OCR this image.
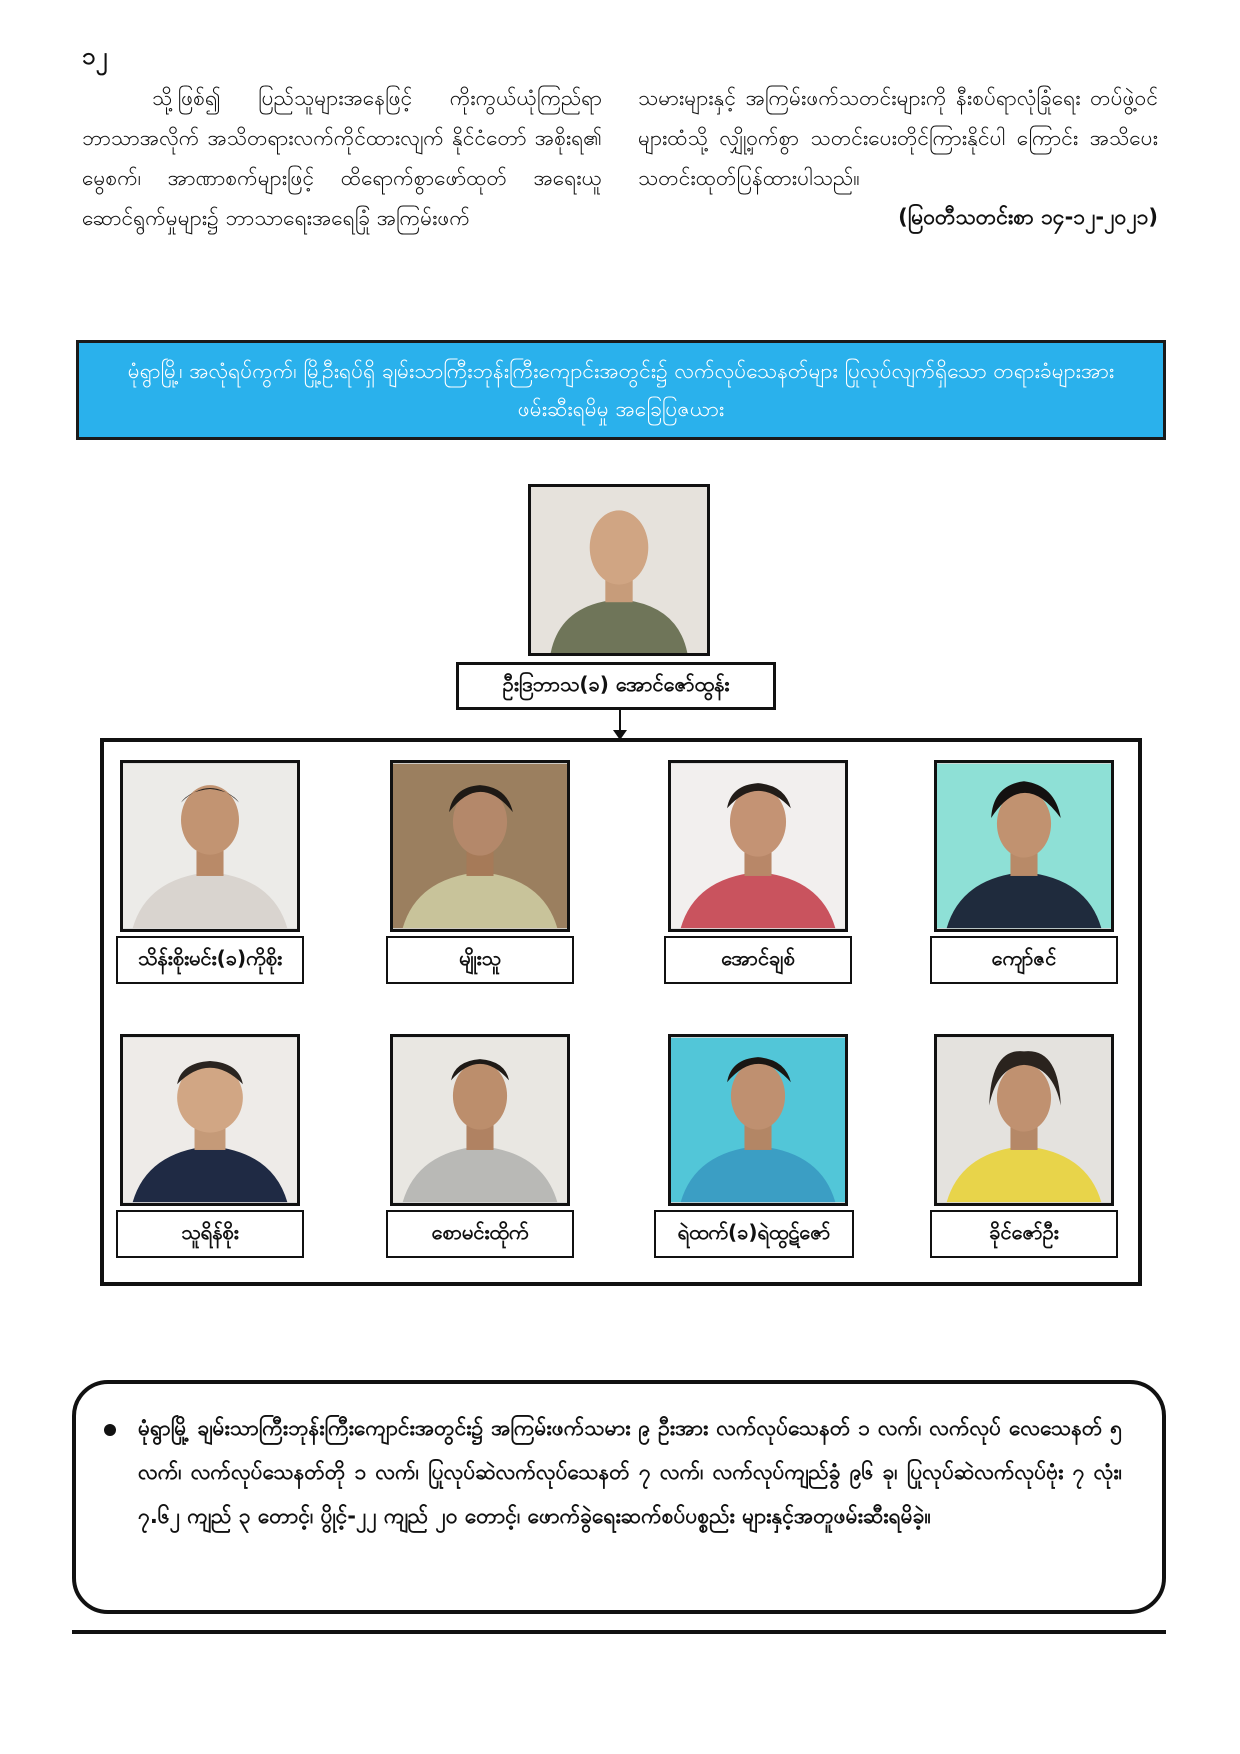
၁၂

သို့ဖြစ်၍ ပြည်သူများအနေဖြင့် ကိုးကွယ်ယုံကြည်ရာ ဘာသာအလိုက် အသိတရားလက်ကိုင်ထားလျက် နိုင်ငံတော် အစိုးရ၏ မွေစက်၊ အာဏာစက်များဖြင့် ထိရောက်စွာဖော်ထုတ် အရေးယူဆောင်ရွက်မှုများ၌ ဘာသာရေးအရေခြုံ အကြမ်းဖက်

သမားများနှင့် အကြမ်းဖက်သတင်းများကို နီးစပ်ရာလုံခြုံရေး တပ်ဖွဲ့ဝင်များထံသို့ လျှို့ဝှက်စွာ သတင်းပေးတိုင်ကြားနိုင်ပါ ကြောင်း အသိပေးသတင်းထုတ်ပြန်ထားပါသည်။

(မြဝတီသတင်းစာ ၁၄-၁၂-၂၀၂၁)
မုံရွာမြို့၊ အလုံရပ်ကွက်၊ မြို့ဦးရပ်ရှိ ချမ်းသာကြီးဘုန်းကြီးကျောင်းအတွင်း၌ လက်လုပ်သေနတ်များ ပြုလုပ်လျက်ရှိသော တရားခံများအား ဖမ်းဆီးရမိမှု အခြေပြဇယား
ဦးဒြဘာသ(ခ) အောင်ဇော်ထွန်း
သိန်းစိုးမင်း(ခ)ကိုစိုး	မျိုးသူ	အောင်ချစ်	ကျော်ဇင်
သူရိန်စိုး	စောမင်းထိုက်	ရဲထက်(ခ)ရဲထွဋ်ဇော်	ခိုင်ဇော်ဦး
မုံရွာမြို့ ချမ်းသာကြီးဘုန်းကြီးကျောင်းအတွင်း၌ အကြမ်းဖက်သမား ၉ ဦးအား လက်လုပ်သေနတ် ၁ လက်၊ လက်လုပ် လေသေနတ် ၅ လက်၊ လက်လုပ်သေနတ်တို ၁ လက်၊ ပြုလုပ်ဆဲလက်လုပ်သေနတ် ၇ လက်၊ လက်လုပ်ကျည်ခွံ ၉၆ ခု၊ ပြုလုပ်ဆဲလက်လုပ်ဗုံး ၇ လုံး၊ ၇.၆၂ ကျည် ၃ တောင့်၊ ပွိုင့်-၂၂ ကျည် ၂၀ တောင့်၊ ဖောက်ခွဲရေးဆက်စပ်ပစ္စည်း များနှင့်အတူဖမ်းဆီးရမိခဲ့။
